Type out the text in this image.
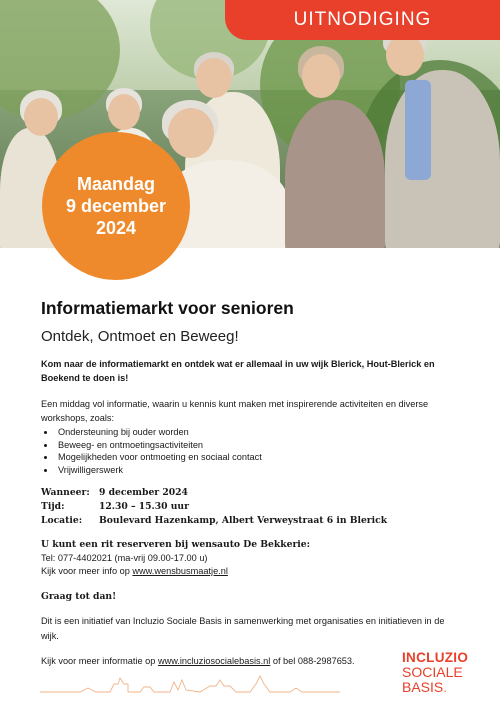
UITNODIGING
Maandag
9 december
2024
Informatiemarkt voor senioren
Ontdek, Ontmoet en Beweeg!
Kom naar de informatiemarkt en ontdek wat er allemaal in uw wijk Blerick, Hout-Blerick en Boekend te doen is!
Een middag vol informatie, waarin u kennis kunt maken met inspirerende activiteiten en diverse workshops, zoals:
• Ondersteuning bij ouder worden
• Beweeg- en ontmoetingsactiviteiten
• Mogelijkheden voor ontmoeting en sociaal contact
• Vrijwilligerswerk
Wanneer:	9 december 2024
Tijd:	12.30 – 15.30 uur
Locatie:	Boulevard Hazenkamp, Albert Verweystraat 6 in Blerick
U kunt een rit reserveren bij wensauto De Bekkerie:
Tel: 077-4402021 (ma-vrij 09.00-17.00 u)
Kijk voor meer info op www.wensbusmaatje.nl
Graag tot dan!
Dit is een initiatief van Incluzio Sociale Basis in samenwerking met organisaties en initiatieven in de wijk.
Kijk voor meer informatie op www.incluziosocialebasis.nl of bel 088-2987653.	INCLUZIO
SOCIALE
BASIS.
